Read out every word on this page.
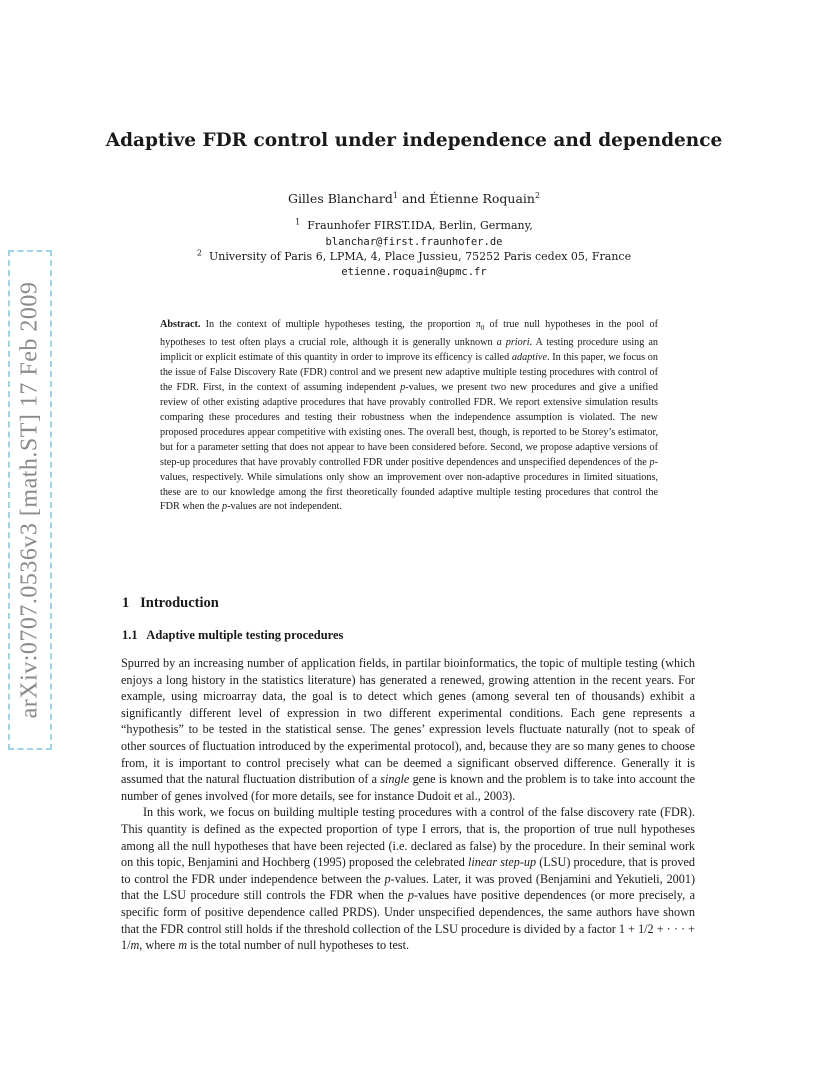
arXiv:0707.0536v3 [math.ST] 17 Feb 2009
Adaptive FDR control under independence and dependence
Gilles Blanchard$^1$ and Étienne Roquain$^2$
$^1$ Fraunhofer FIRST.IDA, Berlin, Germany,
blanchar@first.fraunhofer.de
$^2$ University of Paris 6, LPMA, 4, Place Jussieu, 75252 Paris cedex 05, France
etienne.roquain@upmc.fr
Abstract. In the context of multiple hypotheses testing, the proportion $\pi_0$ of true null hypotheses in the pool of hypotheses to test often plays a crucial role, although it is generally unknown a priori. A testing procedure using an implicit or explicit estimate of this quantity in order to improve its efficency is called adaptive. In this paper, we focus on the issue of False Discovery Rate (FDR) control and we present new adaptive multiple testing procedures with control of the FDR. First, in the context of assuming independent p-values, we present two new procedures and give a unified review of other existing adaptive procedures that have provably controlled FDR. We report extensive simulation results comparing these procedures and testing their robustness when the independence assumption is violated. The new proposed procedures appear competitive with existing ones. The overall best, though, is reported to be Storey’s estimator, but for a parameter setting that does not appear to have been considered before. Second, we propose adaptive versions of step-up procedures that have provably controlled FDR under positive dependences and unspecified dependences of the p-values, respectively. While simulations only show an improvement over non-adaptive procedures in limited situations, these are to our knowledge among the first theoretically founded adaptive multiple testing procedures that control the FDR when the p-values are not independent.
1   Introduction
1.1   Adaptive multiple testing procedures

Spurred by an increasing number of application fields, in partilar bioinformatics, the topic of multiple testing (which enjoys a long history in the statistics literature) has generated a renewed, growing attention in the recent years. For example, using microarray data, the goal is to detect which genes (among several ten of thousands) exhibit a significantly different level of expression in two different experimental conditions. Each gene represents a “hypothesis” to be tested in the statistical sense. The genes’ expression levels fluctuate naturally (not to speak of other sources of fluctuation introduced by the experimental protocol), and, because they are so many genes to choose from, it is important to control precisely what can be deemed a significant observed difference. Generally it is assumed that the natural fluctuation distribution of a single gene is known and the problem is to take into account the number of genes involved (for more details, see for instance Dudoit et al., 2003).

In this work, we focus on building multiple testing procedures with a control of the false discovery rate (FDR). This quantity is defined as the expected proportion of type I errors, that is, the proportion of true null hypotheses among all the null hypotheses that have been rejected (i.e. declared as false) by the procedure. In their seminal work on this topic, Benjamini and Hochberg (1995) proposed the celebrated linear step-up (LSU) procedure, that is proved to control the FDR under independence between the p-values. Later, it was proved (Benjamini and Yekutieli, 2001) that the LSU procedure still controls the FDR when the p-values have positive dependences (or more precisely, a specific form of positive dependence called PRDS). Under unspecified dependences, the same authors have shown that the FDR control still holds if the threshold collection of the LSU procedure is divided by a factor 1 + 1/2 + · · · + 1/m, where m is the total number of null hypotheses to test.
